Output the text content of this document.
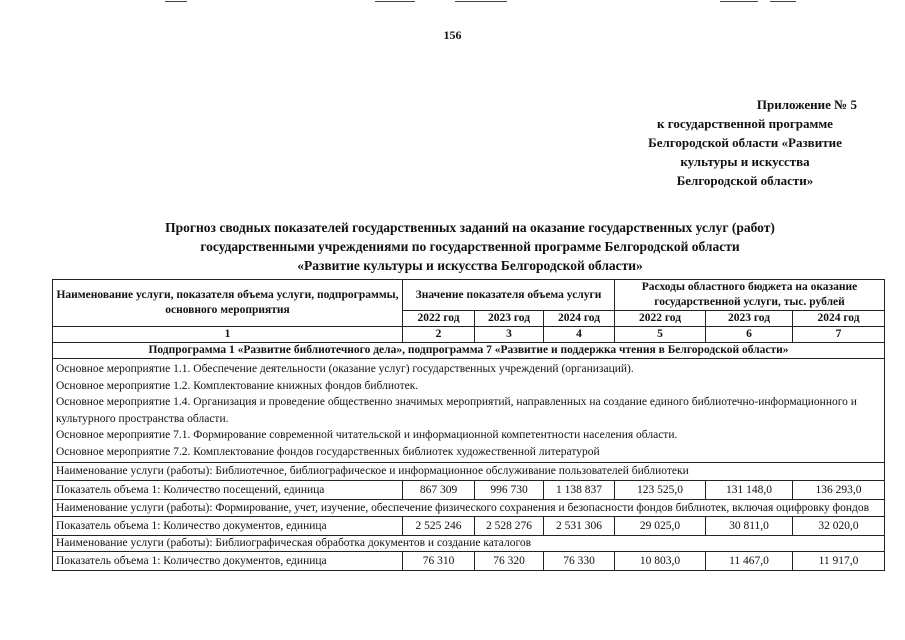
156
Приложение № 5
к государственной программе
Белгородской области «Развитие
культуры и искусства
Белгородской области»
Прогноз сводных показателей государственных заданий на оказание государственных услуг (работ)
государственными учреждениями по государственной программе Белгородской области
«Развитие культуры и искусства Белгородской области»
Наименование услуги, показателя объема услуги, подпрограммы, основного мероприятия	Значение показателя объема услуги			Расходы областного бюджета на оказание государственной услуги, тыс. рублей		
	2022 год	2023 год	2024 год	2022 год	2023 год	2024 год
1	2	3	4	5	6	7
Подпрограмма 1 «Развитие библиотечного дела», подпрограмма 7 «Развитие и поддержка чтения в Белгородской области»						

Основное мероприятие 1.1. Обеспечение деятельности (оказание услуг) государственных учреждений (организаций).
Основное мероприятие 1.2. Комплектование книжных фондов библиотек.
Основное мероприятие 1.4. Организация и проведение общественно значимых мероприятий, направленных на создание единого библиотечно-информационного и культурного пространства области.
Основное мероприятие 7.1. Формирование современной читательской и информационной компетентности населения области.
Основное мероприятие 7.2. Комплектование фондов государственных библиотек художественной литературой						

Наименование услуги (работы): Библиотечное, библиографическое и информационное обслуживание пользователей библиотеки						
Показатель объема 1: Количество посещений, единица	867 309	996 730	1 138 837	123 525,0	131 148,0	136 293,0
Наименование услуги (работы): Формирование, учет, изучение, обеспечение физического сохранения и безопасности фондов библиотек, включая оцифровку фондов						
Показатель объема 1: Количество документов, единица	2 525 246	2 528 276	2 531 306	29 025,0	30 811,0	32 020,0
Наименование услуги (работы): Библиографическая обработка документов и создание каталогов						
Показатель объема 1: Количество документов, единица	76 310	76 320	76 330	10 803,0	11 467,0	11 917,0
